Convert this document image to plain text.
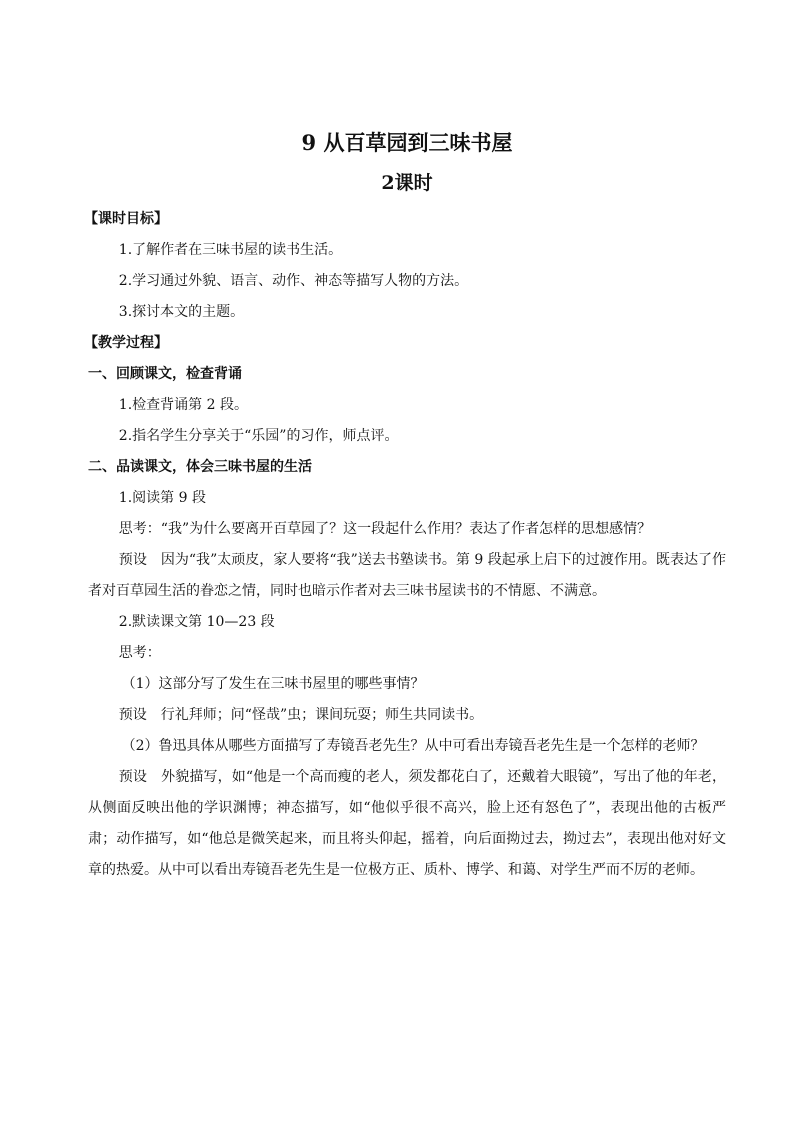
9 从百草园到三味书屋
2课时

【课时目标】

1.了解作者在三味书屋的读书生活。

2.学习通过外貌、语言、动作、神态等描写人物的方法。

3.探讨本文的主题。

【教学过程】

一、回顾课文，检查背诵

1.检查背诵第 2 段。

2.指名学生分享关于“乐园”的习作，师点评。

二、品读课文，体会三味书屋的生活

1.阅读第 9 段

思考：“我”为什么要离开百草园了？这一段起什么作用？表达了作者怎样的思想感情？

预设　因为“我”太顽皮，家人要将“我”送去书塾读书。第 9 段起承上启下的过渡作用。既表达了作者对百草园生活的眷恋之情，同时也暗示作者对去三味书屋读书的不情愿、不满意。

2.默读课文第 10—23 段

思考：

（1）这部分写了发生在三味书屋里的哪些事情？

预设　行礼拜师；问“怪哉”虫；课间玩耍；师生共同读书。

（2）鲁迅具体从哪些方面描写了寿镜吾老先生？从中可看出寿镜吾老先生是一个怎样的老师？

预设　外貌描写，如“他是一个高而瘦的老人，须发都花白了，还戴着大眼镜”，写出了他的年老，从侧面反映出他的学识渊博；神态描写，如“他似乎很不高兴，脸上还有怒色了”，表现出他的古板严肃；动作描写，如“他总是微笑起来，而且将头仰起，摇着，向后面拗过去，拗过去”，表现出他对好文章的热爱。从中可以看出寿镜吾老先生是一位极方正、质朴、博学、和蔼、对学生严而不厉的老师。
